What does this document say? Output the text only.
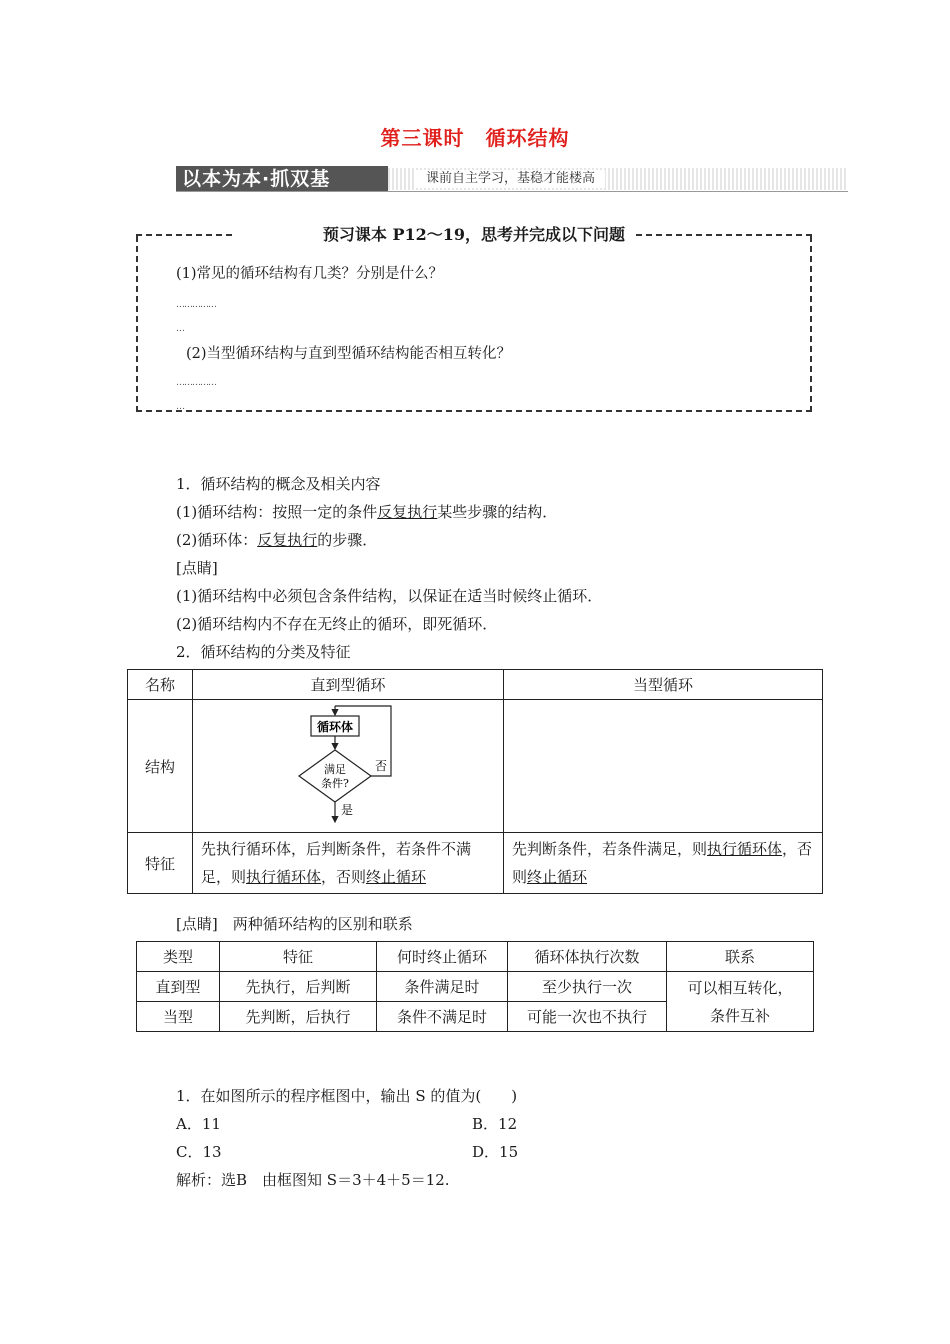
第三课时　循环结构
以本为本·抓双基	课前自主学习，基稳才能楼高
预习课本 P12～19，思考并完成以下问题
(1)常见的循环结构有几类？分别是什么？
……………
…
(2)当型循环结构与直到型循环结构能否相互转化？
……………
…
1．循环结构的概念及相关内容
(1)循环结构：按照一定的条件反复执行某些步骤的结构．
(2)循环体：反复执行的步骤．
[点睛]
(1)循环结构中必须包含条件结构，以保证在适当时候终止循环．
(2)循环结构内不存在无终止的循环，即死循环．
2．循环结构的分类及特征
名称	直到型循环	当型循环
结构	循环体
满足
条件?
否
是	

特征	先执行循环体，后判断条件，若条件不满足，则执行循环体，否则终止循环	先判断条件，若条件满足，则执行循环体，否则终止循环
[点睛]　两种循环结构的区别和联系
类型	特征	何时终止循环	循环体执行次数	联系
直到型	先执行，后判断	条件满足时	至少执行一次	可以相互转化，
条件互补

当型	先判断，后执行	条件不满足时	可能一次也不执行	
1．在如图所示的程序框图中，输出 S 的值为(　　)
A．11	B．12
C．13	D．15
解析：选B　由框图知 S＝3＋4＋5＝12.
